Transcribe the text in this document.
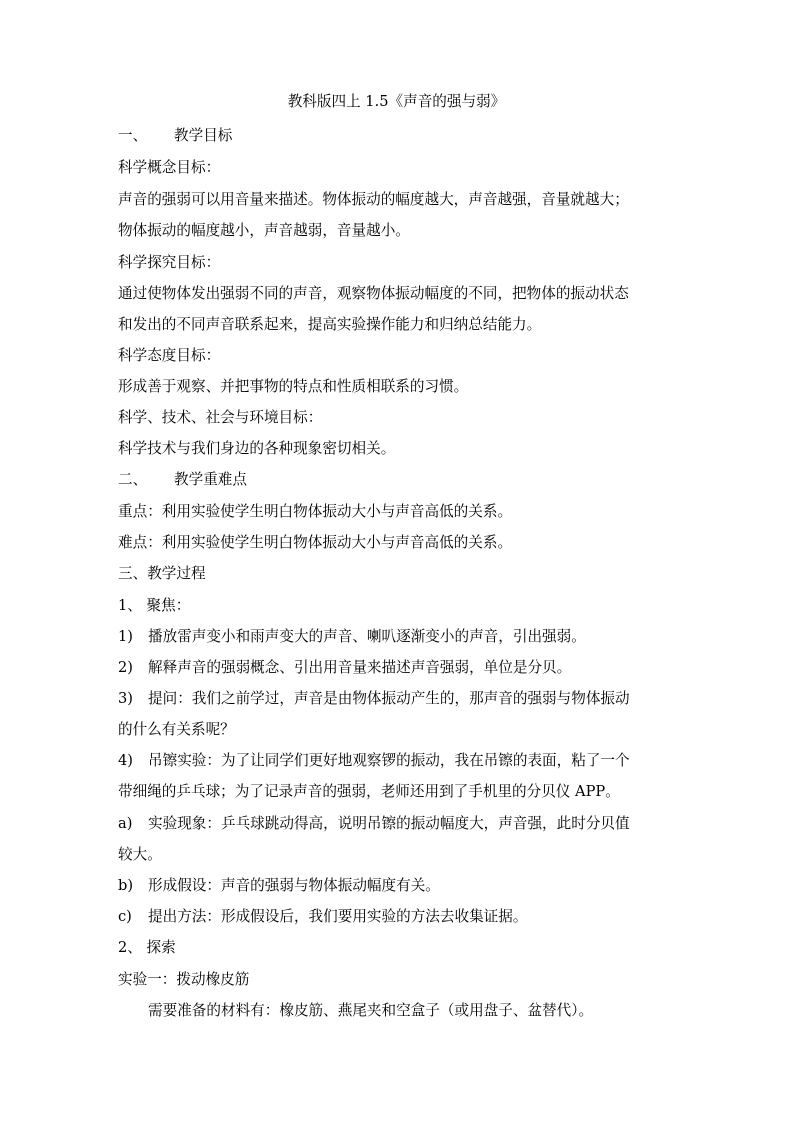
教科版四上 1.5《声音的强与弱》
一、 教学目标
科学概念目标：
声音的强弱可以用音量来描述。物体振动的幅度越大，声音越强，音量就越大；
物体振动的幅度越小，声音越弱，音量越小。
科学探究目标：
通过使物体发出强弱不同的声音，观察物体振动幅度的不同，把物体的振动状态
和发出的不同声音联系起来，提高实验操作能力和归纳总结能力。
科学态度目标：
形成善于观察、并把事物的特点和性质相联系的习惯。
科学、技术、社会与环境目标：
科学技术与我们身边的各种现象密切相关。
二、 教学重难点
重点：利用实验使学生明白物体振动大小与声音高低的关系。
难点：利用实验使学生明白物体振动大小与声音高低的关系。
三、教学过程
1、 聚焦：
1) 播放雷声变小和雨声变大的声音、喇叭逐渐变小的声音，引出强弱。
2) 解释声音的强弱概念、引出用音量来描述声音强弱，单位是分贝。
3) 提问：我们之前学过，声音是由物体振动产生的，那声音的强弱与物体振动
的什么有关系呢？
4) 吊镲实验：为了让同学们更好地观察锣的振动，我在吊镲的表面，粘了一个
带细绳的乒乓球；为了记录声音的强弱，老师还用到了手机里的分贝仪 APP。
a) 实验现象：乒乓球跳动得高，说明吊镲的振动幅度大，声音强，此时分贝值
较大。
b) 形成假设：声音的强弱与物体振动幅度有关。
c) 提出方法：形成假设后，我们要用实验的方法去收集证据。
2、 探索
实验一：拨动橡皮筋
需要准备的材料有：橡皮筋、燕尾夹和空盒子（或用盘子、盆替代）。
